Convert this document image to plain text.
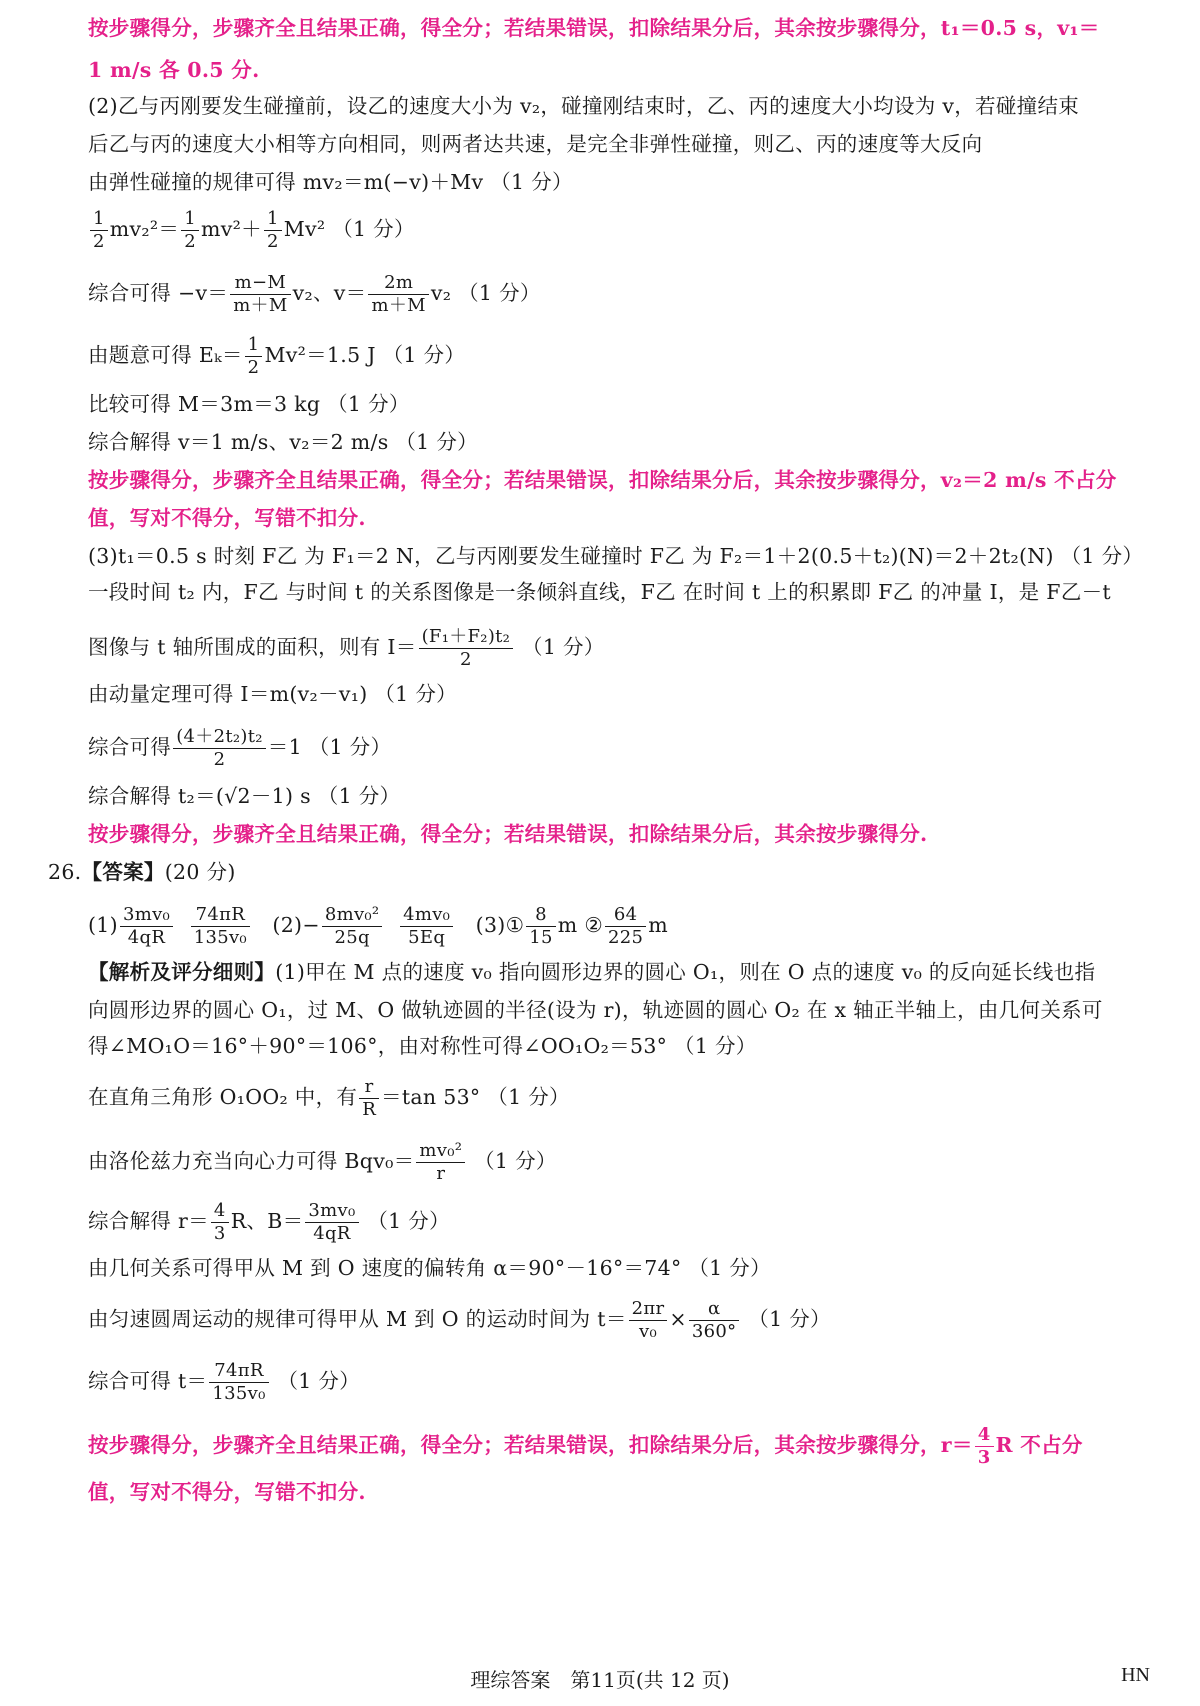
按步骤得分，步骤齐全且结果正确，得全分；若结果错误，扣除结果分后，其余按步骤得分，t₁＝0.5 s，v₁＝
1 m/s 各 0.5 分.
(2)乙与丙刚要发生碰撞前，设乙的速度大小为 v₂，碰撞刚结束时，乙、丙的速度大小均设为 v，若碰撞结束
后乙与丙的速度大小相等方向相同，则两者达共速，是完全非弹性碰撞，则乙、丙的速度等大反向
由弹性碰撞的规律可得 mv₂＝m(−v)＋Mv （1 分）
$\frac{1}{2} mv_2^2= \frac{1}{2} mv^2+ \frac{1}{2} Mv^2$ （1 分）
综合可得 $-v= \frac{m-M}{m+M} v_2$、$v= \frac{2m}{m+M} v_2$ （1 分）
由题意可得 $E_k= \frac{1}{2} Mv^2=1.5$ J （1 分）
比较可得 M＝3m＝3 kg （1 分）
综合解得 v＝1 m/s、v₂＝2 m/s （1 分）
按步骤得分，步骤齐全且结果正确，得全分；若结果错误，扣除结果分后，其余按步骤得分，v₂＝2 m/s 不占分
值，写对不得分，写错不扣分.
(3)t₁＝0.5 s 时刻 F乙 为 F₁＝2 N，乙与丙刚要发生碰撞时 F乙 为 F₂＝1＋2(0.5＋t₂)(N)＝2＋2t₂(N) （1 分）
一段时间 t₂ 内，F乙 与时间 t 的关系图像是一条倾斜直线，F乙 在时间 t 上的积累即 F乙 的冲量 I，是 F乙－t
图像与 t 轴所围成的面积，则有 $I= \frac{\text{(F₁＋F₂)t₂}}{2} (1$ 分）
由动量定理可得 I＝m(v₂－v₁) （1 分）
综合可得 $\frac{\text{(4＋2t₂)t₂}}{2} =1$ （1 分）
综合解得 t₂＝(√2－1) s （1 分）
按步骤得分，步骤齐全且结果正确，得全分；若结果错误，扣除结果分后，其余按步骤得分.
26.【答案】(20 分)
$(1) \frac{\text{3mv₀}}{4qR}$
$\frac{74\pi R}{\text{135v₀}} (2)- \frac{\text{8mv₀²}}{25q}$
$\frac{\text{4mv₀}}{5Eq}$ (3)① $\frac{8}{15}$ m ② $\frac{64}{225}$ m
【解析及评分细则】(1)甲在 M 点的速度 v₀ 指向圆形边界的圆心 O₁，则在 O 点的速度 v₀ 的反向延长线也指
向圆形边界的圆心 O₁，过 M、O 做轨迹圆的半径(设为 r)，轨迹圆的圆心 O₂ 在 x 轴正半轴上，由几何关系可
得∠MO₁O＝16°＋90°＝106°，由对称性可得∠OO₁O₂＝53° （1 分）
在直角三角形 O₁OO₂ 中，有 $\frac{r}{R} =\tan$ 53° （1 分）
由洛伦兹力充当向心力可得 $Bqv_0= \frac{\text{mv₀²}}{r} (1$ 分）
综合解得 $r= \frac{4}{3}$ R、$B= \frac{\text{3mv₀}}{4qR} (1$ 分）
由几何关系可得甲从 M 到 O 速度的偏转角 α＝90°－16°＝74° （1 分）
由匀速圆周运动的规律可得甲从 M 到 O 的运动时间为 $t= \frac{2\pi r}{\text{v₀}} \times \frac{\alpha}{360^\circ} (1$ 分）
综合可得 $t= \frac{74\pi R}{\text{135v₀}} (1$ 分）
按步骤得分，步骤齐全且结果正确，得全分；若结果错误，扣除结果分后，其余按步骤得分，$r= \frac{4}{3}$ R 不占分
值，写对不得分，写错不扣分.
理综答案　第11页(共 12 页)	HN
